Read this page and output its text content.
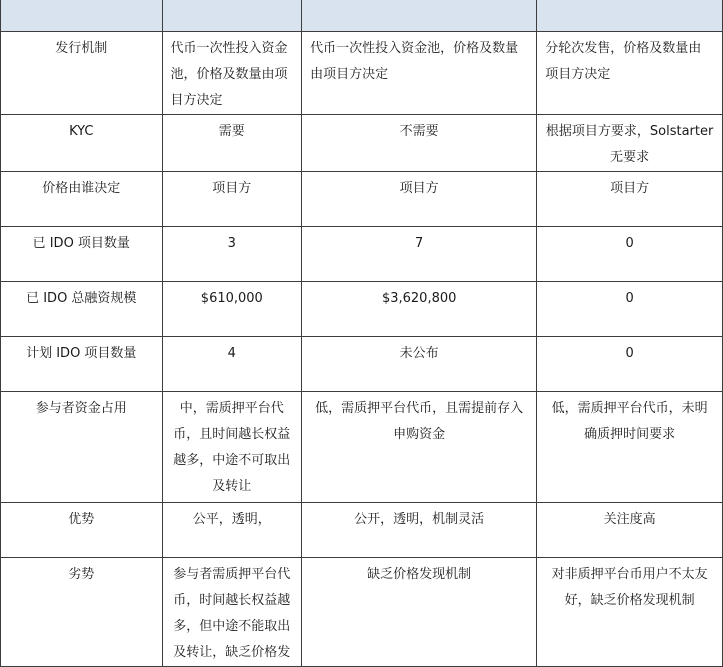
发行机制	代币一次性投入资金池，价格及数量由项目方决定	代币一次性投入资金池，价格及数量由项目方决定	分轮次发售，价格及数量由项目方决定
KYC	需要	不需要	根据项目方要求，Solstarter无要求
价格由谁决定	项目方	项目方	项目方
已 IDO 项目数量	3	7	0
已 IDO 总融资规模	$610,000	$3,620,800	0
计划 IDO 项目数量	4	未公布	0
参与者资金占用	中，需质押平台代币，且时间越长权益越多，中途不可取出及转让	低，需质押平台代币，且需提前存入申购资金	低，需质押平台代币，未明确质押时间要求
优势	公平，透明，	公开，透明，机制灵活	关注度高
劣势	参与者需质押平台代币，时间越长权益越多，但中途不能取出及转让，缺乏价格发	缺乏价格发现机制	对非质押平台币用户不太友好，缺乏价格发现机制
